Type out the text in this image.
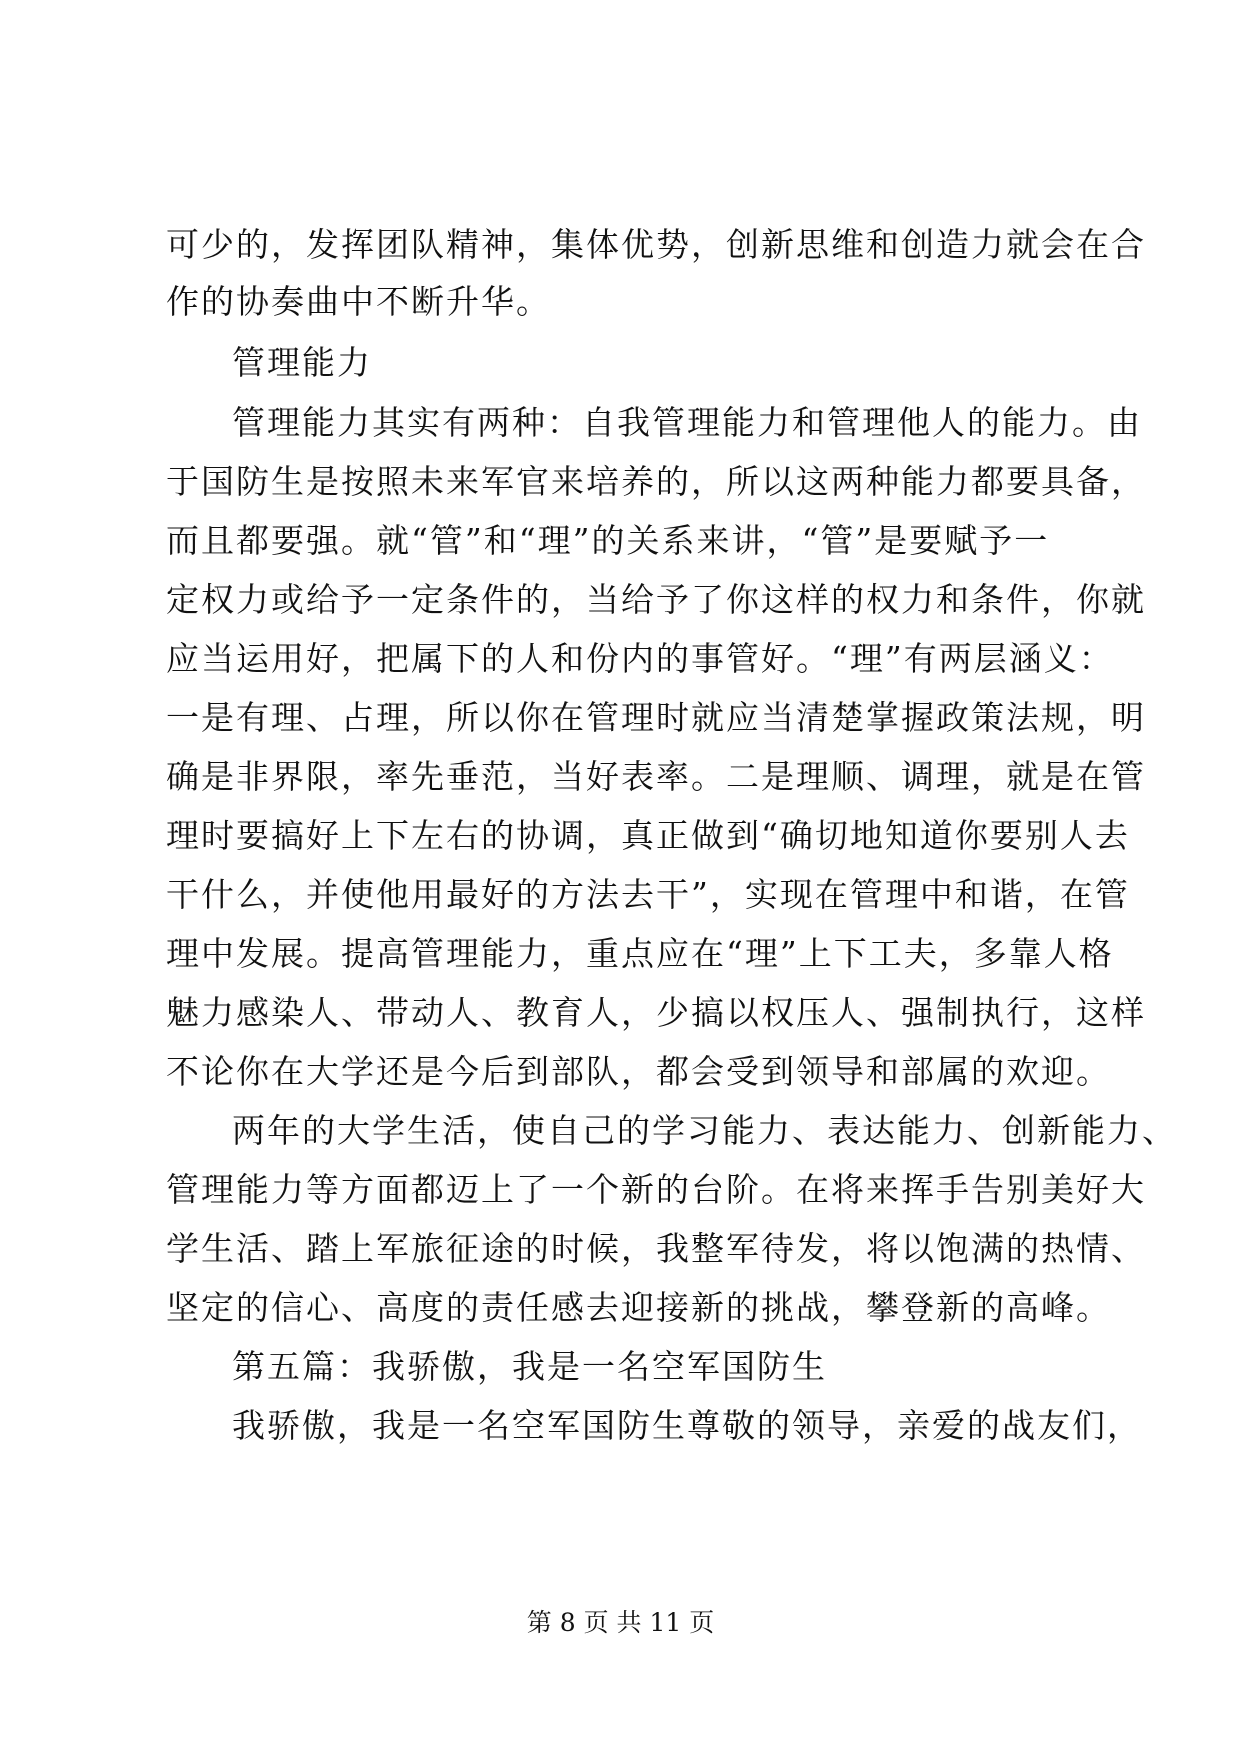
可少的，发挥团队精神，集体优势，创新思维和创造力就会在合
作的协奏曲中不断升华。
管理能力
管理能力其实有两种：自我管理能力和管理他人的能力。由
于国防生是按照未来军官来培养的，所以这两种能力都要具备，
而且都要强。就“管”和“理”的关系来讲，“管”是要赋予一
定权力或给予一定条件的，当给予了你这样的权力和条件，你就
应当运用好，把属下的人和份内的事管好。“理”有两层涵义：
一是有理、占理，所以你在管理时就应当清楚掌握政策法规，明
确是非界限，率先垂范，当好表率。二是理顺、调理，就是在管
理时要搞好上下左右的协调，真正做到“确切地知道你要别人去
干什么，并使他用最好的方法去干”，实现在管理中和谐，在管
理中发展。提高管理能力，重点应在“理”上下工夫，多靠人格
魅力感染人、带动人、教育人，少搞以权压人、强制执行，这样
不论你在大学还是今后到部队，都会受到领导和部属的欢迎。
两年的大学生活，使自己的学习能力、表达能力、创新能力、
管理能力等方面都迈上了一个新的台阶。在将来挥手告别美好大
学生活、踏上军旅征途的时候，我整军待发，将以饱满的热情、
坚定的信心、高度的责任感去迎接新的挑战，攀登新的高峰。
第五篇：我骄傲，我是一名空军国防生
我骄傲，我是一名空军国防生尊敬的领导，亲爱的战友们，
第 8 页 共 11 页
